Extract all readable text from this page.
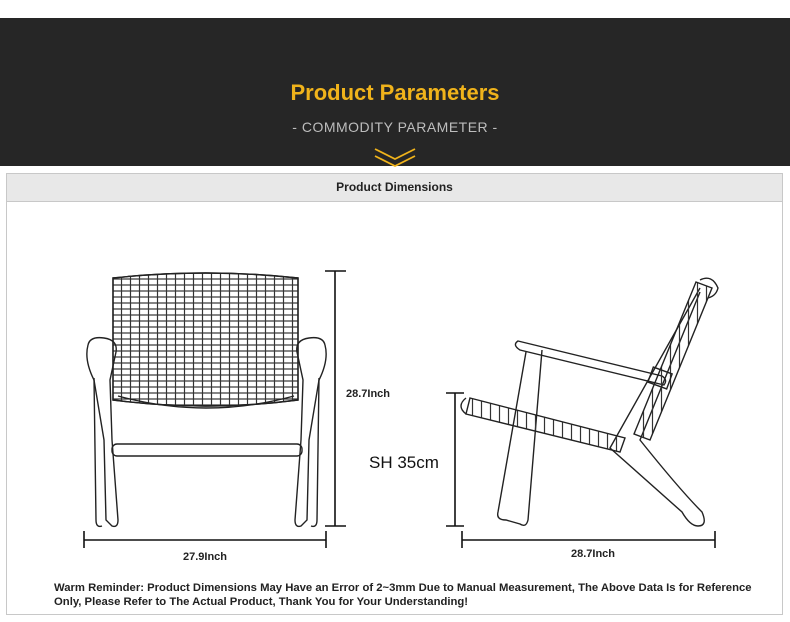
Product Parameters
- COMMODITY PARAMETER -
Product Dimensions
28.7Inch
27.9Inch
SH 35cm
28.7Inch
Warm Reminder: Product Dimensions May Have an Error of 2~3mm Due to Manual Measurement, The Above Data Is for Reference Only, Please Refer to The Actual Product, Thank You for Your Understanding!
